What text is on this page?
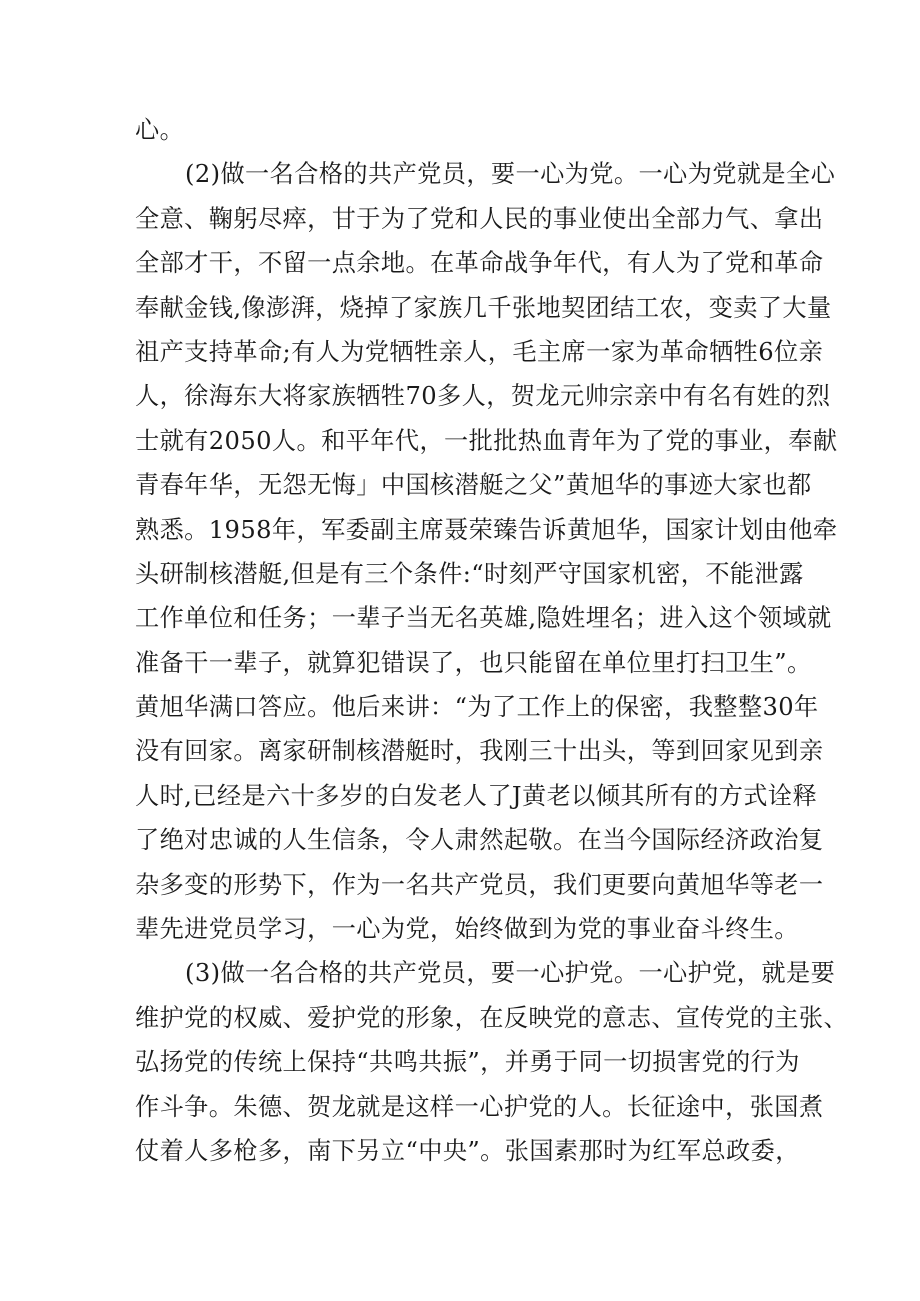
心。
(2)做一名合格的共产党员，要一心为党。一心为党就是全心
全意、鞠躬尽瘁，甘于为了党和人民的事业使出全部力气、拿出
全部才干，不留一点余地。在革命战争年代，有人为了党和革命
奉献金钱,像澎湃，烧掉了家族几千张地契团结工农，变卖了大量
祖产支持革命;有人为党牺牲亲人，毛主席一家为革命牺牲6位亲
人，徐海东大将家族牺牲70多人，贺龙元帅宗亲中有名有姓的烈
士就有2050人。和平年代，一批批热血青年为了党的事业，奉献
青春年华，无怨无悔」中国核潜艇之父”黄旭华的事迹大家也都
熟悉。1958年，军委副主席聂荣臻告诉黄旭华，国家计划由他牵
头研制核潜艇,但是有三个条件:“时刻严守国家机密，不能泄露
工作单位和任务；一辈子当无名英雄,隐姓埋名；进入这个领域就
准备干一辈子，就算犯错误了，也只能留在单位里打扫卫生”。
黄旭华满口答应。他后来讲：“为了工作上的保密，我整整30年
没有回家。离家研制核潜艇时，我刚三十出头，等到回家见到亲
人时,已经是六十多岁的白发老人了J黄老以倾其所有的方式诠释
了绝对忠诚的人生信条，令人肃然起敬。在当今国际经济政治复
杂多变的形势下，作为一名共产党员，我们更要向黄旭华等老一
辈先进党员学习，一心为党，始终做到为党的事业奋斗终生。
(3)做一名合格的共产党员，要一心护党。一心护党，就是要
维护党的权威、爱护党的形象，在反映党的意志、宣传党的主张、
弘扬党的传统上保持“共鸣共振”，并勇于同一切损害党的行为
作斗争。朱德、贺龙就是这样一心护党的人。长征途中，张国煮
仗着人多枪多，南下另立“中央”。张国素那时为红军总政委，
